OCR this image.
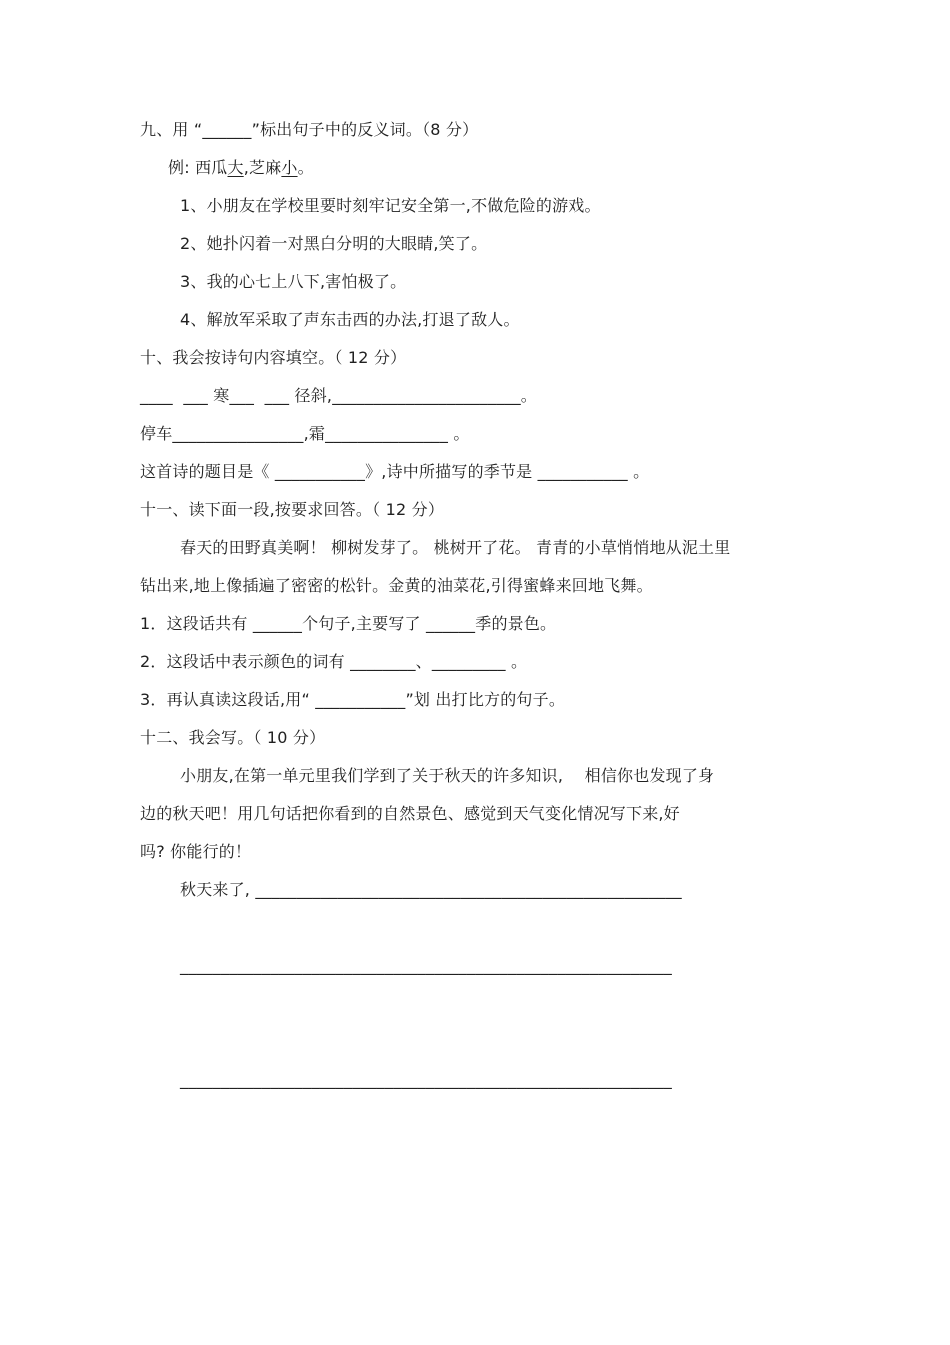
九、用 “______”标出句子中的反义词。（8 分）
例: 西瓜大,芝麻小。
1、小朋友在学校里要时刻牢记安全第一,不做危险的游戏。
2、她扑闪着一对黑白分明的大眼睛,笑了。
3、我的心七上八下,害怕极了。
4、解放军采取了声东击西的办法,打退了敌人。
十、我会按诗句内容填空。（ 12 分）
____  ___ 寒___  ___ 径斜,_______________________。
停车________________,霜_______________ 。
这首诗的题目是《 ___________》,诗中所描写的季节是 ___________ 。
十一、读下面一段,按要求回答。（ 12 分）
春天的田野真美啊！ 柳树发芽了。 桃树开了花。 青青的小草悄悄地从泥土里
钻出来,地上像插遍了密密的松针。金黄的油菜花,引得蜜蜂来回地飞舞。
1．这段话共有 ______个句子,主要写了 ______季的景色。
2．这段话中表示颜色的词有 ________、_________ 。
3．再认真读这段话,用“ ___________”划 出打比方的句子。
十二、我会写。（ 10 分）
小朋友,在第一单元里我们学到了关于秋天的许多知识,　 相信你也发现了身
边的秋天吧！用几句话把你看到的自然景色、感觉到天气变化情况写下来,好
吗? 你能行的！
秋天来了, ____________________________________________________

____________________________________________________________

____________________________________________________________
